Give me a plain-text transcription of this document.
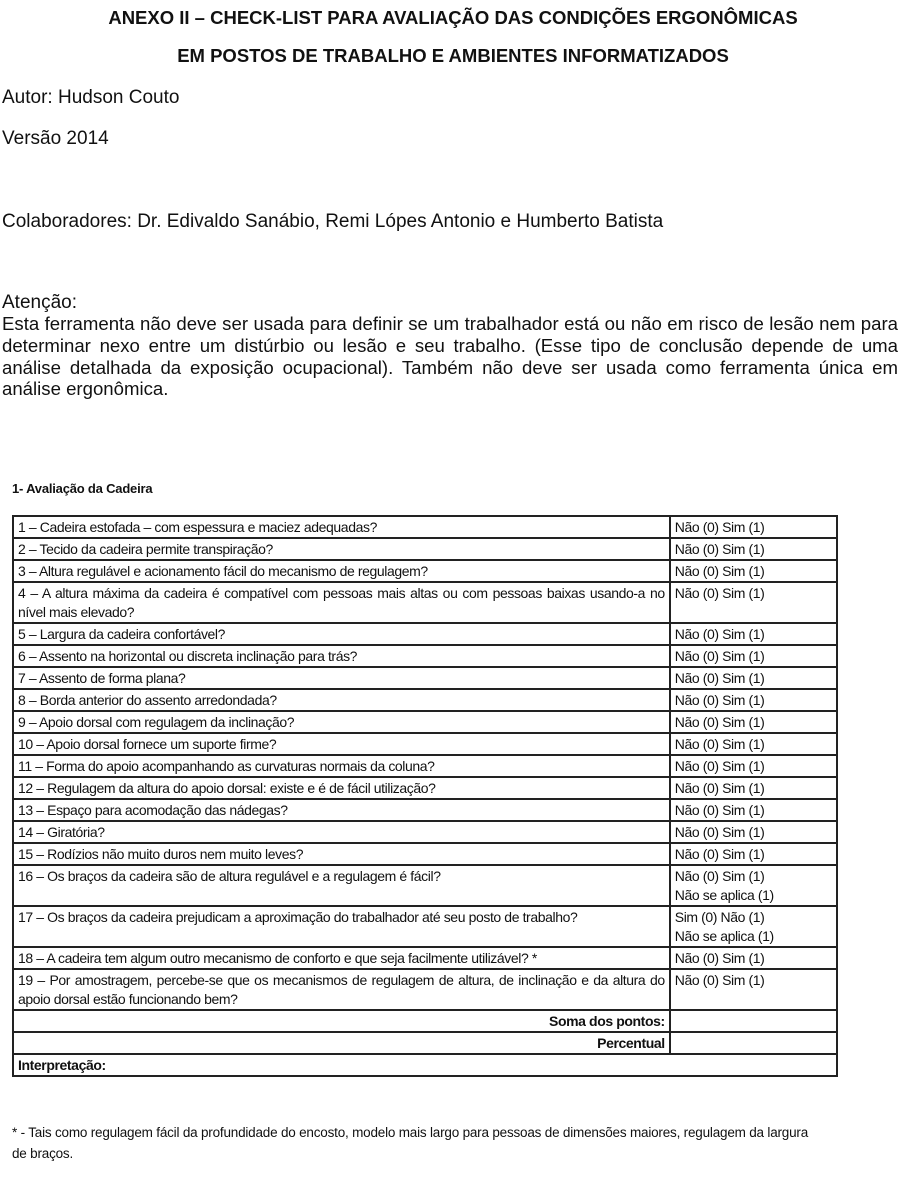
ANEXO II – CHECK-LIST PARA AVALIAÇÃO DAS CONDIÇÕES ERGONÔMICAS
EM POSTOS DE TRABALHO E AMBIENTES INFORMATIZADOS
Autor: Hudson Couto
Versão 2014
Colaboradores: Dr. Edivaldo Sanábio, Remi Lópes Antonio e Humberto Batista
Atenção:
Esta ferramenta não deve ser usada para definir se um trabalhador está ou não em risco de lesão nem para determinar nexo entre um distúrbio ou lesão e seu trabalho. (Esse tipo de conclusão depende de uma análise detalhada da exposição ocupacional). Também não deve ser usada como ferramenta única em análise ergonômica.
1- Avaliação da Cadeira
1 – Cadeira estofada – com espessura e maciez adequadas?	Não (0) Sim (1)

2 – Tecido da cadeira permite transpiração?	Não (0) Sim (1)

3 – Altura regulável e acionamento fácil do mecanismo de regulagem?	Não (0) Sim (1)

4 – A altura máxima da cadeira é compatível com pessoas mais altas ou com pessoas baixas usando-a no nível mais elevado?	Não (0) Sim (1)

5 – Largura da cadeira confortável?	Não (0) Sim (1)

6 – Assento na horizontal ou discreta inclinação para trás?	Não (0) Sim (1)

7 – Assento de forma plana?	Não (0) Sim (1)

8 – Borda anterior do assento arredondada?	Não (0) Sim (1)

9 – Apoio dorsal com regulagem da inclinação?	Não (0) Sim (1)

10 – Apoio dorsal fornece um suporte firme?	Não (0) Sim (1)

11 – Forma do apoio acompanhando as curvaturas normais da coluna?	Não (0) Sim (1)

12 – Regulagem da altura do apoio dorsal: existe e é de fácil utilização?	Não (0) Sim (1)

13 – Espaço para acomodação das nádegas?	Não (0) Sim (1)

14 – Giratória?	Não (0) Sim (1)

15 – Rodízios não muito duros nem muito leves?	Não (0) Sim (1)

16 – Os braços da cadeira são de altura regulável e a regulagem é fácil?	Não (0) Sim (1)
Não se aplica (1)

17 – Os braços da cadeira prejudicam a aproximação do trabalhador até seu posto de trabalho?	Sim (0) Não (1)
Não se aplica (1)

18 – A cadeira tem algum outro mecanismo de conforto e que seja facilmente utilizável? *	Não (0) Sim (1)

19 – Por amostragem, percebe-se que os mecanismos de regulagem de altura, de inclinação e da altura do apoio dorsal estão funcionando bem?	Não (0) Sim (1)

Soma dos pontos:	
Percentual	
Interpretação:	
* - Tais como regulagem fácil da profundidade do encosto, modelo mais largo para pessoas de dimensões maiores, regulagem da largura de braços.
